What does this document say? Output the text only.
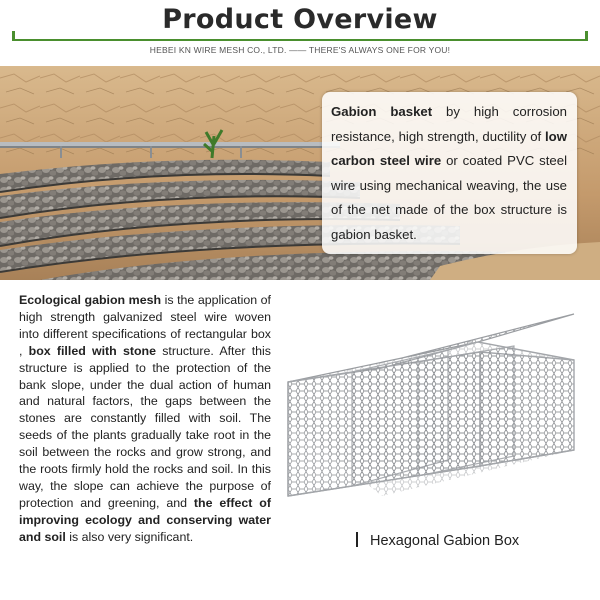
Product Overview
HEBEI KN WIRE MESH CO., LTD. —— THERE'S ALWAYS ONE FOR YOU!
Gabion basket by high corrosion resistance, high strength, ductility of low carbon steel wire or coated PVC steel wire using mechanical weaving, the use of the net made of the box structure is gabion basket.
Ecological gabion mesh is the application of high strength galvanized steel wire woven into different specifications of rectangular box , box filled with stone structure. After this structure is applied to the protection of the bank slope, under the dual action of human and natural factors, the gaps between the stones are constantly filled with soil. The seeds of the plants gradually take root in the soil between the rocks and grow strong, and the roots firmly hold the rocks and soil. In this way, the slope can achieve the purpose of protection and greening, and the effect of improving ecology and conserving water and soil is also very significant.	Hexagonal Gabion Box
